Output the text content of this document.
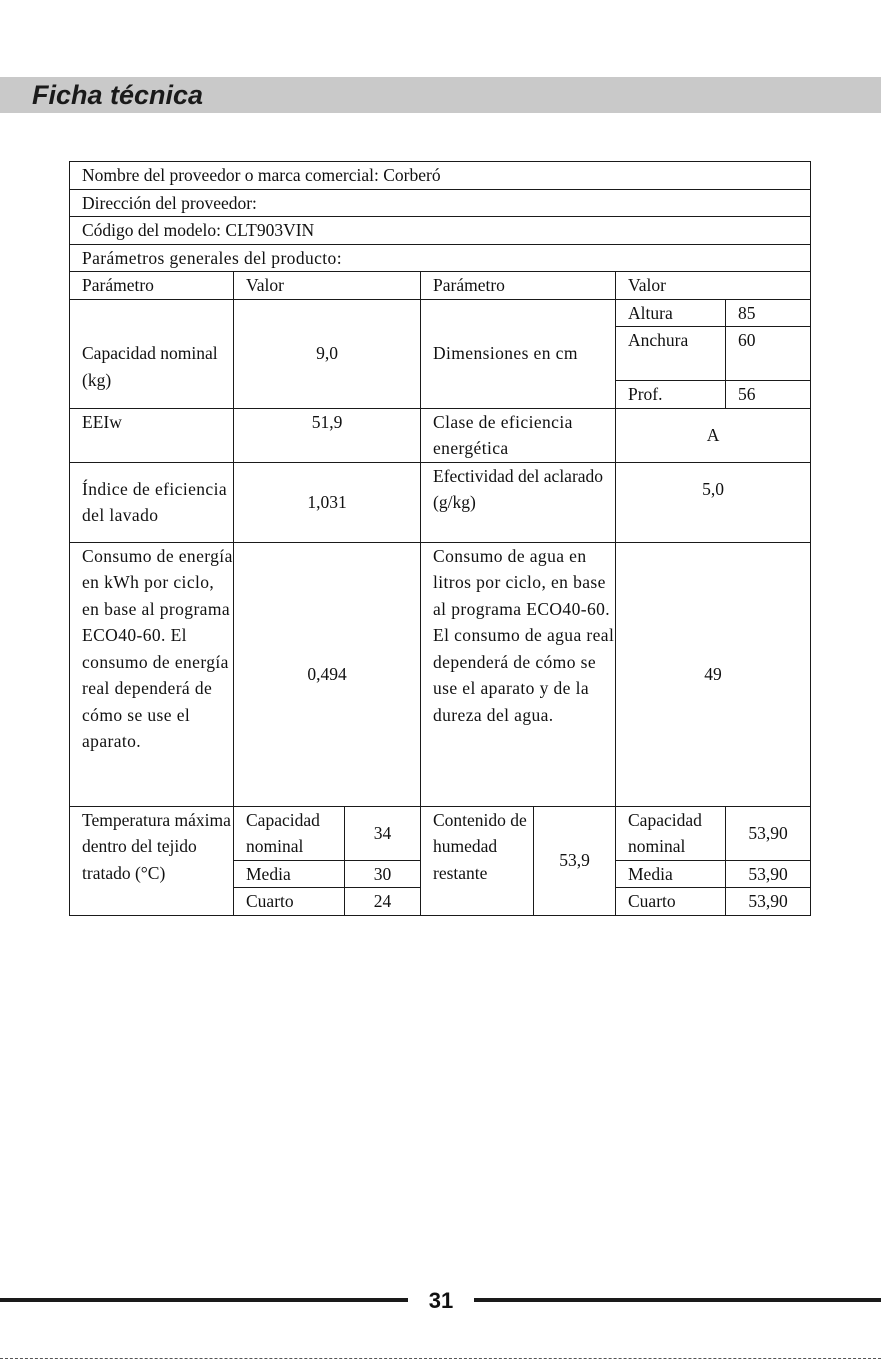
Ficha técnica
Nombre del proveedor o marca comercial: Corberó						
Dirección del proveedor:						
Código del modelo: CLT903VIN						
Parámetros generales del producto:						
Parámetro	Valor		Parámetro		Valor	
Capacidad nominal (kg)	9,0		Dimensiones en cm		Altura	85
					Anchura	60
					Prof.	56
EEIw	51,9		Clase de eficiencia energética		A	
Índice de eficiencia del lavado	1,031		Efectividad del aclarado (g/kg)		5,0	
Consumo de energía en kWh por ciclo, en base al programa ECO40-60. El consumo de energía real dependerá de cómo se use el aparato.	0,494		Consumo de agua en litros por ciclo, en base al programa ECO40-60. El consumo de agua real dependerá de cómo se use el aparato y de la dureza del agua.		49	
Temperatura máxima dentro del tejido tratado (°C)	Capacidad nominal	34	Contenido de humedad restante	53,9	Capacidad nominal	53,90
	Media	30			Media	53,90
	Cuarto	24			Cuarto	53,90
31
